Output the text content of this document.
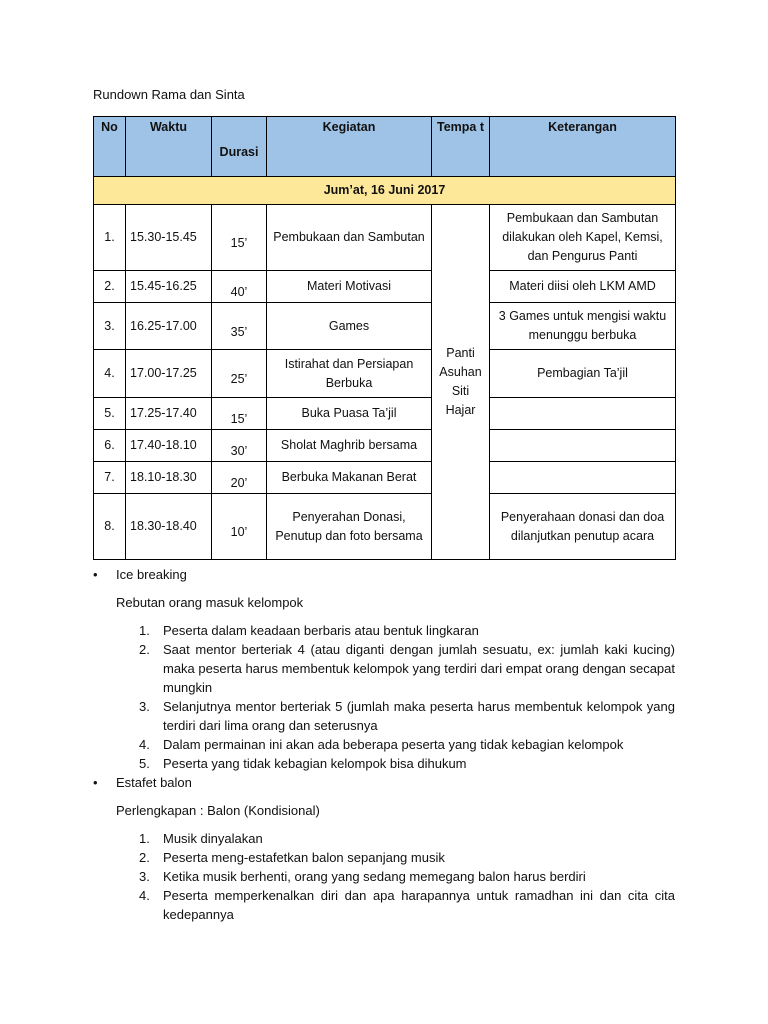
Rundown Rama dan Sinta
No	Waktu	Durasi	Kegiatan	Tempa t	Keterangan
Jum’at, 16 Juni 2017					
1.	15.30-15.45	15’	Pembukaan dan Sambutan	Panti Asuhan Siti Hajar	Pembukaan dan Sambutan dilakukan oleh Kapel, Kemsi, dan Pengurus Panti
2.	15.45-16.25	40’	Materi Motivasi		Materi diisi oleh LKM AMD
3.	16.25-17.00	35’	Games		3 Games untuk mengisi waktu menunggu berbuka
4.	17.00-17.25	25’	Istirahat dan Persiapan Berbuka		Pembagian Ta’jil
5.	17.25-17.40	15’	Buka Puasa Ta’jil		
6.	17.40-18.10	30’	Sholat Maghrib bersama		
7.	18.10-18.30	20’	Berbuka Makanan Berat		
8.	18.30-18.40	10’	Penyerahan Donasi, Penutup dan foto bersama		Penyerahaan donasi dan doa dilanjutkan penutup acara
• Ice breaking
Rebutan orang masuk kelompok
1. Peserta dalam keadaan berbaris atau bentuk lingkaran
2. Saat mentor berteriak 4 (atau diganti dengan jumlah sesuatu, ex: jumlah kaki kucing) maka peserta harus membentuk kelompok yang terdiri dari empat orang dengan secapat mungkin
3. Selanjutnya mentor berteriak 5 (jumlah maka peserta harus membentuk kelompok yang terdiri dari lima orang dan seterusnya
4. Dalam permainan ini akan ada beberapa peserta yang tidak kebagian kelompok
5. Peserta yang tidak kebagian kelompok bisa dihukum
• Estafet balon
Perlengkapan : Balon (Kondisional)
1. Musik dinyalakan
2. Peserta meng-estafetkan balon sepanjang musik
3. Ketika musik berhenti, orang yang sedang memegang balon harus berdiri
4. Peserta memperkenalkan diri dan apa harapannya untuk ramadhan ini dan cita cita kedepannya
